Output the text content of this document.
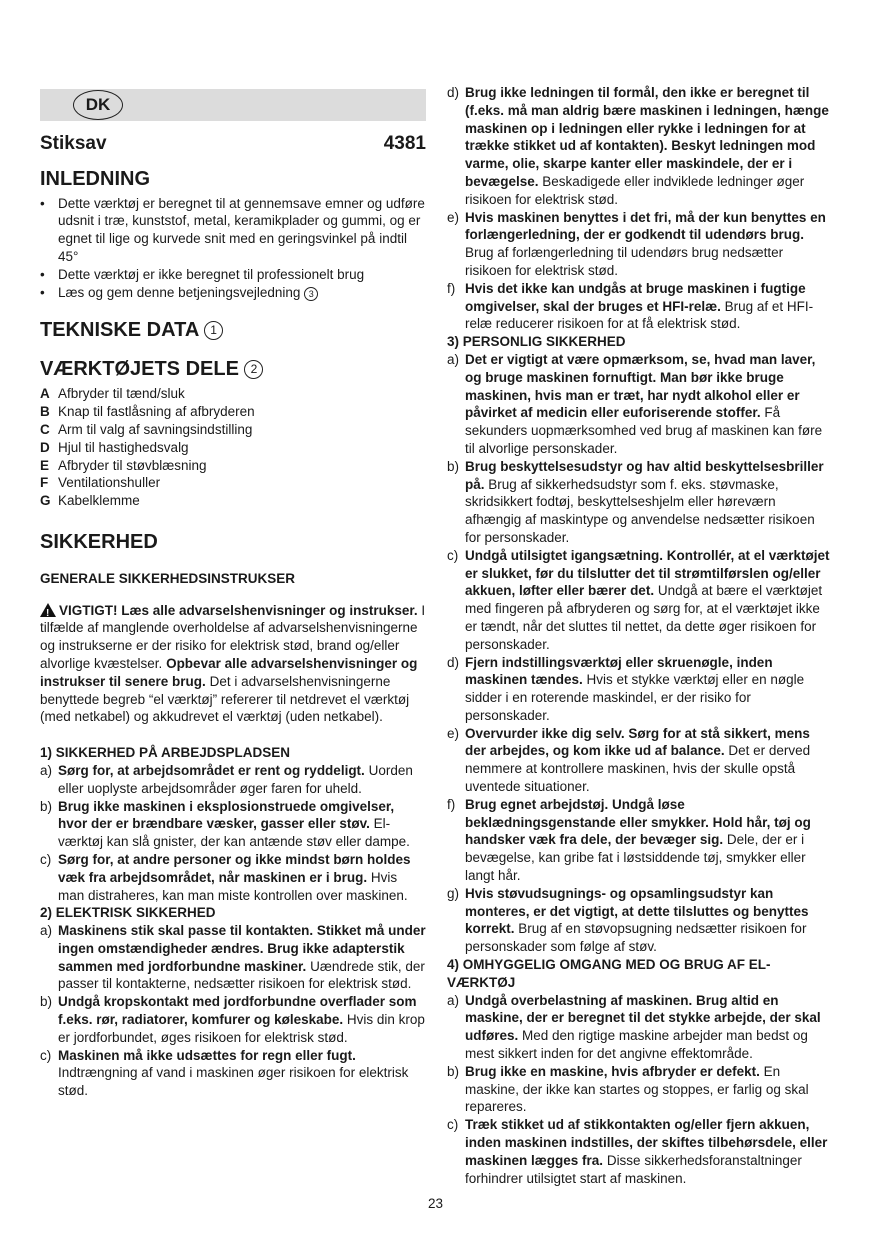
DK
Stiksav	4381
INLEDNING
• Dette værktøj er beregnet til at gennemsave emner og udføre udsnit i træ, kunststof, metal, keramikplader og gummi, og er egnet til lige og kurvede snit med en geringsvinkel på indtil 45°
• Dette værktøj er ikke beregnet til professionelt brug
• Læs og gem denne betjeningsvejledning 3
TEKNISKE DATA 1
VÆRKTØJETS DELE 2
A Afbryder til tænd/sluk
B Knap til fastlåsning af afbryderen
C Arm til valg af savningsindstilling
D Hjul til hastighedsvalg
E Afbryder til støvblæsning
F Ventilationshuller
G Kabelklemme
SIKKERHED
GENERALE SIKKERHEDSINSTRUKSER
!VIGTIGT! Læs alle advarselshenvisninger og instrukser. I tilfælde af manglende overholdelse af advarselshenvisningerne og instrukserne er der risiko for elektrisk stød, brand og/eller alvorlige kvæstelser. Opbevar alle advarselshenvisninger og instrukser til senere brug. Det i advarselshenvisningerne benyttede begreb “el værktøj” refererer til netdrevet el værktøj (med netkabel) og akkudrevet el værktøj (uden netkabel).
1) SIKKERHED PÅ ARBEJDSPLADSEN
a) Sørg for, at arbejdsområdet er rent og ryddeligt. Uorden eller uoplyste arbejdsområder øger faren for uheld.
b) Brug ikke maskinen i eksplosionstruede omgivelser, hvor der er brændbare væsker, gasser eller støv. El-værktøj kan slå gnister, der kan antænde støv eller dampe.
c) Sørg for, at andre personer og ikke mindst børn holdes væk fra arbejdsområdet, når maskinen er i brug. Hvis man distraheres, kan man miste kontrollen over maskinen.
2) ELEKTRISK SIKKERHED
a) Maskinens stik skal passe til kontakten. Stikket må under ingen omstændigheder ændres. Brug ikke adapterstik sammen med jordforbundne maskiner. Uændrede stik, der passer til kontakterne, nedsætter risikoen for elektrisk stød.
b) Undgå kropskontakt med jordforbundne overflader som f.eks. rør, radiatorer, komfurer og køleskabe. Hvis din krop er jordforbundet, øges risikoen for elektrisk stød.
c) Maskinen må ikke udsættes for regn eller fugt. Indtrængning af vand i maskinen øger risikoen for elektrisk stød.
d) Brug ikke ledningen til formål, den ikke er beregnet til (f.eks. må man aldrig bære maskinen i ledningen, hænge maskinen op i ledningen eller rykke i ledningen for at trække stikket ud af kontakten). Beskyt ledningen mod varme, olie, skarpe kanter eller maskindele, der er i bevægelse. Beskadigede eller indviklede ledninger øger risikoen for elektrisk stød.
e) Hvis maskinen benyttes i det fri, må der kun benyttes en forlængerledning, der er godkendt til udendørs brug. Brug af forlængerledning til udendørs brug nedsætter risikoen for elektrisk stød.
f) Hvis det ikke kan undgås at bruge maskinen i fugtige omgivelser, skal der bruges et HFI-relæ. Brug af et HFI-relæ reducerer risikoen for at få elektrisk stød.
3) PERSONLIG SIKKERHED
a) Det er vigtigt at være opmærksom, se, hvad man laver, og bruge maskinen fornuftigt. Man bør ikke bruge maskinen, hvis man er træt, har nydt alkohol eller er påvirket af medicin eller euforiserende stoffer. Få sekunders uopmærksomhed ved brug af maskinen kan føre til alvorlige personskader.
b) Brug beskyttelsesudstyr og hav altid beskyttelsesbriller på. Brug af sikkerhedsudstyr som f. eks. støvmaske, skridsikkert fodtøj, beskyttelseshjelm eller høreværn afhængig af maskintype og anvendelse nedsætter risikoen for personskader.
c) Undgå utilsigtet igangsætning. Kontrollér, at el værktøjet er slukket, før du tilslutter det til strømtilførslen og/eller akkuen, løfter eller bærer det. Undgå at bære el værktøjet med fingeren på afbryderen og sørg for, at el værktøjet ikke er tændt, når det sluttes til nettet, da dette øger risikoen for personskader.
d) Fjern indstillingsværktøj eller skruenøgle, inden maskinen tændes. Hvis et stykke værktøj eller en nøgle sidder i en roterende maskindel, er der risiko for personskader.
e) Overvurder ikke dig selv. Sørg for at stå sikkert, mens der arbejdes, og kom ikke ud af balance. Det er derved nemmere at kontrollere maskinen, hvis der skulle opstå uventede situationer.
f) Brug egnet arbejdstøj. Undgå løse beklædningsgenstande eller smykker. Hold hår, tøj og handsker væk fra dele, der bevæger sig. Dele, der er i bevægelse, kan gribe fat i løstsiddende tøj, smykker eller langt hår.
g) Hvis støvudsugnings- og opsamlingsudstyr kan monteres, er det vigtigt, at dette tilsluttes og benyttes korrekt. Brug af en støvopsugning nedsætter risikoen for personskader som følge af støv.
4) OMHYGGELIG OMGANG MED OG BRUG AF EL-VÆRKTØJ
a) Undgå overbelastning af maskinen. Brug altid en maskine, der er beregnet til det stykke arbejde, der skal udføres. Med den rigtige maskine arbejder man bedst og mest sikkert inden for det angivne effektområde.
b) Brug ikke en maskine, hvis afbryder er defekt. En maskine, der ikke kan startes og stoppes, er farlig og skal repareres.
c) Træk stikket ud af stikkontakten og/eller fjern akkuen, inden maskinen indstilles, der skiftes tilbehørsdele, eller maskinen lægges fra. Disse sikkerhedsforanstaltninger forhindrer utilsigtet start af maskinen.
23
